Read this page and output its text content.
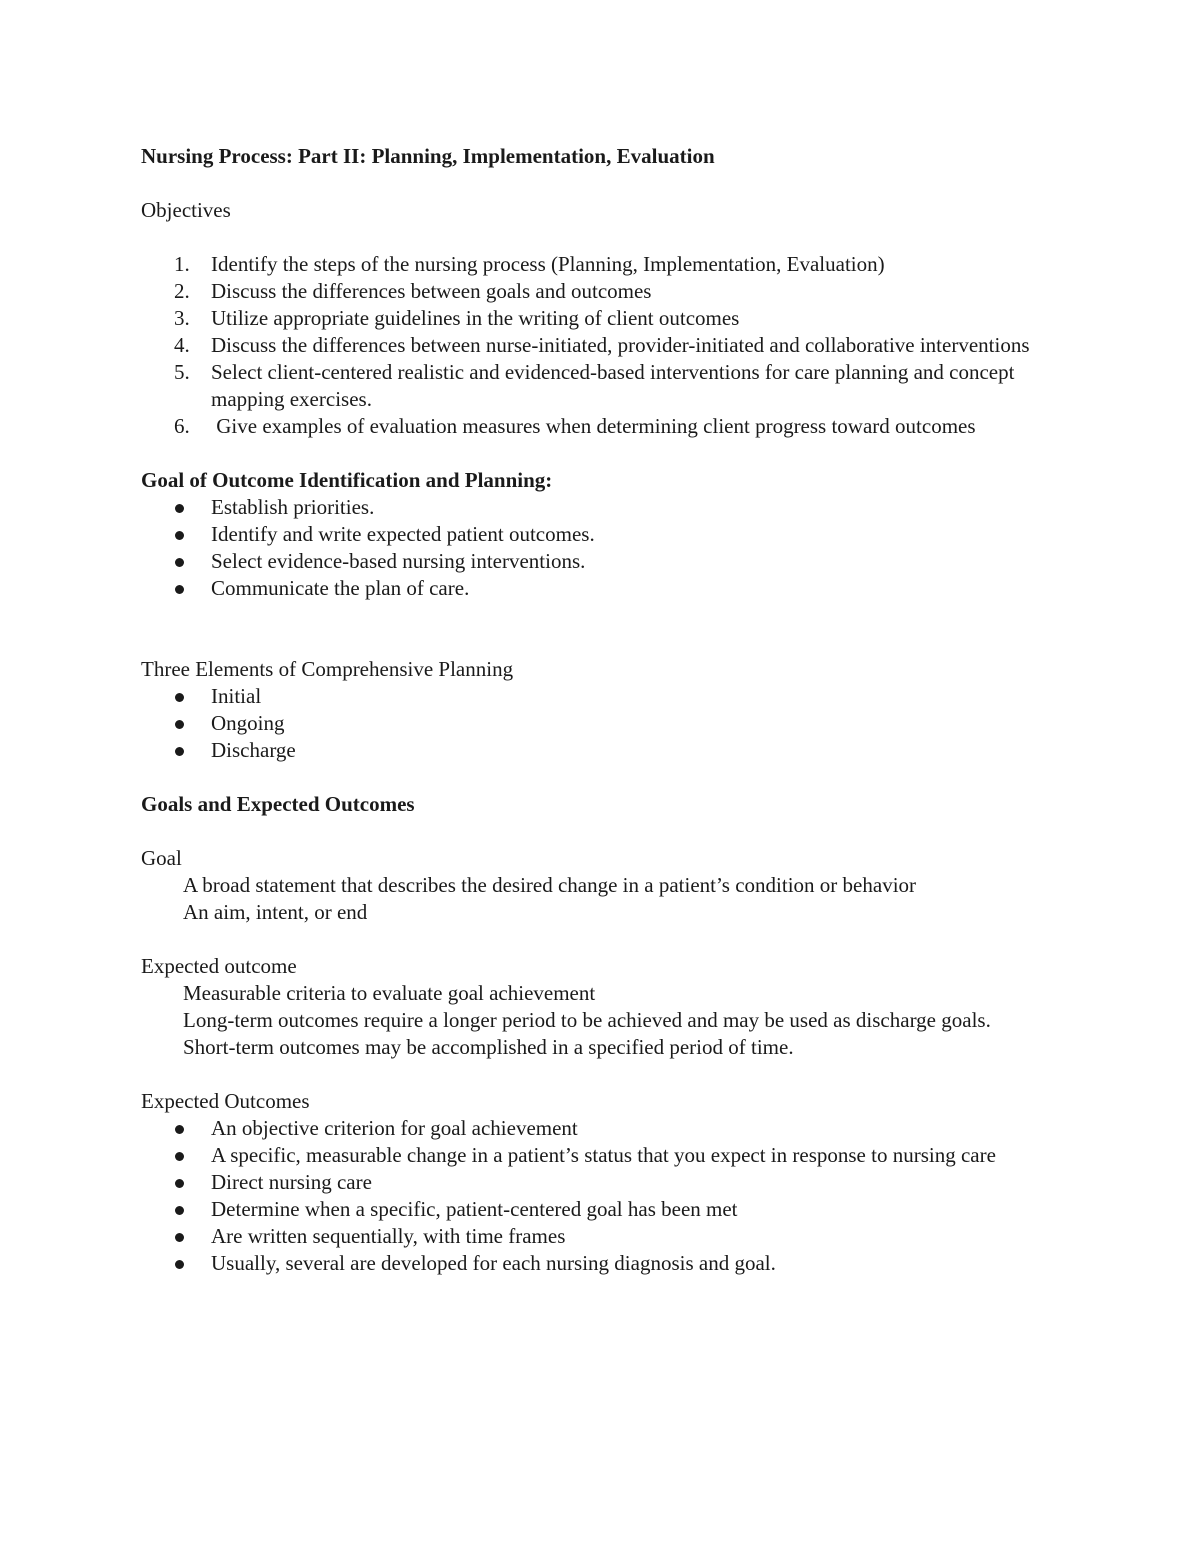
Nursing Process: Part II: Planning, Implementation, Evaluation

Objectives

1. Identify the steps of the nursing process (Planning, Implementation, Evaluation)
2. Discuss the differences between goals and outcomes
3. Utilize appropriate guidelines in the writing of client outcomes
4. Discuss the differences between nurse-initiated, provider-initiated and collaborative interventions
5. Select client-centered realistic and evidenced-based interventions for care planning and concept mapping exercises.
6. Give examples of evaluation measures when determining client progress toward outcomes

Goal of Outcome Identification and Planning:

Establish priorities.
Identify and write expected patient outcomes.
Select evidence-based nursing interventions.
Communicate the plan of care.

Three Elements of Comprehensive Planning

Initial
Ongoing
Discharge

Goals and Expected Outcomes

Goal

A broad statement that describes the desired change in a patient’s condition or behavior
An aim, intent, or end

Expected outcome

Measurable criteria to evaluate goal achievement
Long-term outcomes require a longer period to be achieved and may be used as discharge goals.
Short-term outcomes may be accomplished in a specified period of time.

Expected Outcomes

An objective criterion for goal achievement
A specific, measurable change in a patient’s status that you expect in response to nursing care
Direct nursing care
Determine when a specific, patient-centered goal has been met
Are written sequentially, with time frames
Usually, several are developed for each nursing diagnosis and goal.
